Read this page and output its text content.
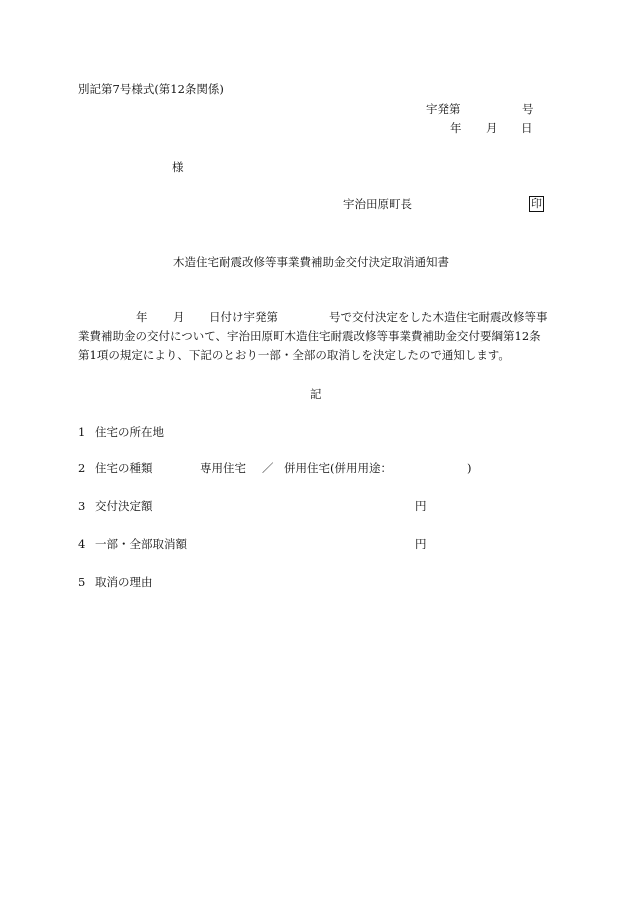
別記第7号様式(第12条関係)
宇発第	号
年 月 日
様
宇治田原町長	印
木造住宅耐震改修等事業費補助金交付決定取消通知書
年 月 日付け宇発第	号で交付決定をした木造住宅耐震改修等事
業費補助金の交付について、宇治田原町木造住宅耐震改修等事業費補助金交付要綱第12条
第1項の規定により、下記のとおり一部・全部の取消しを決定したので通知します。
記
1 住宅の所在地
2 住宅の種類	専用住宅 ／ 併用住宅(併用用途：	)
3 交付決定額	円
4 一部・全部取消額	円
5 取消の理由
